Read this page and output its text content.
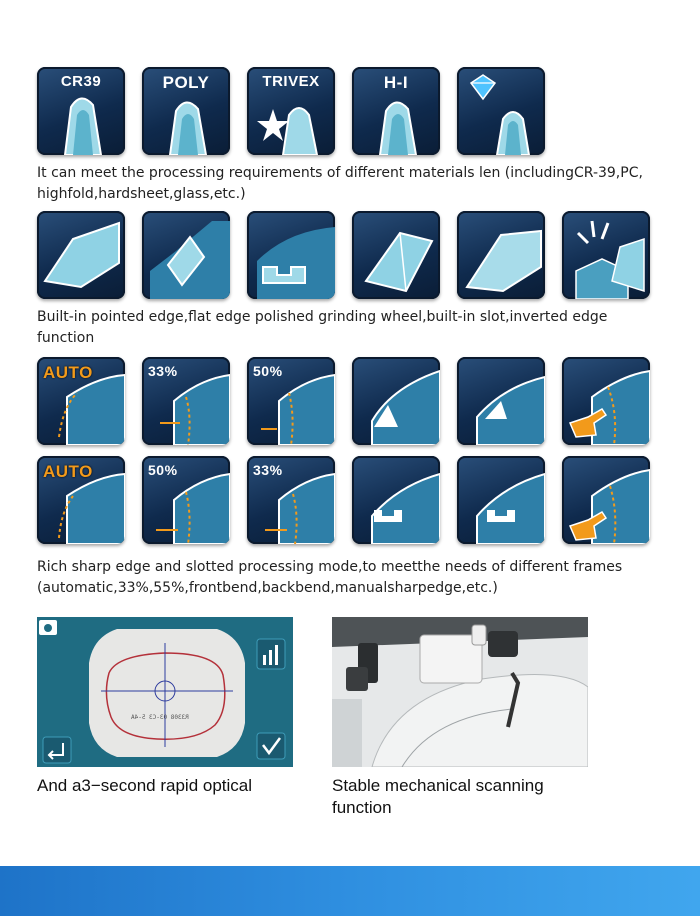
CR39	POLY	TRIVEX	H-I
It can meet the processing requirements of different materials len (includingCR-39,PC, highfold,hardsheet,glass,etc.)
Built-in pointed edge,flat edge polished grinding wheel,built-in slot,inverted edge function
AUTO	33%	50%
AUTO	50%	33%
Rich sharp edge and slotted processing mode,to meetthe needs of different frames (automatic,33%,55%,frontbend,backbend,manualsharpedge,etc.)
R3308 03-C3 5-4A
And a3−second rapid optical	Stable mechanical scanning function
